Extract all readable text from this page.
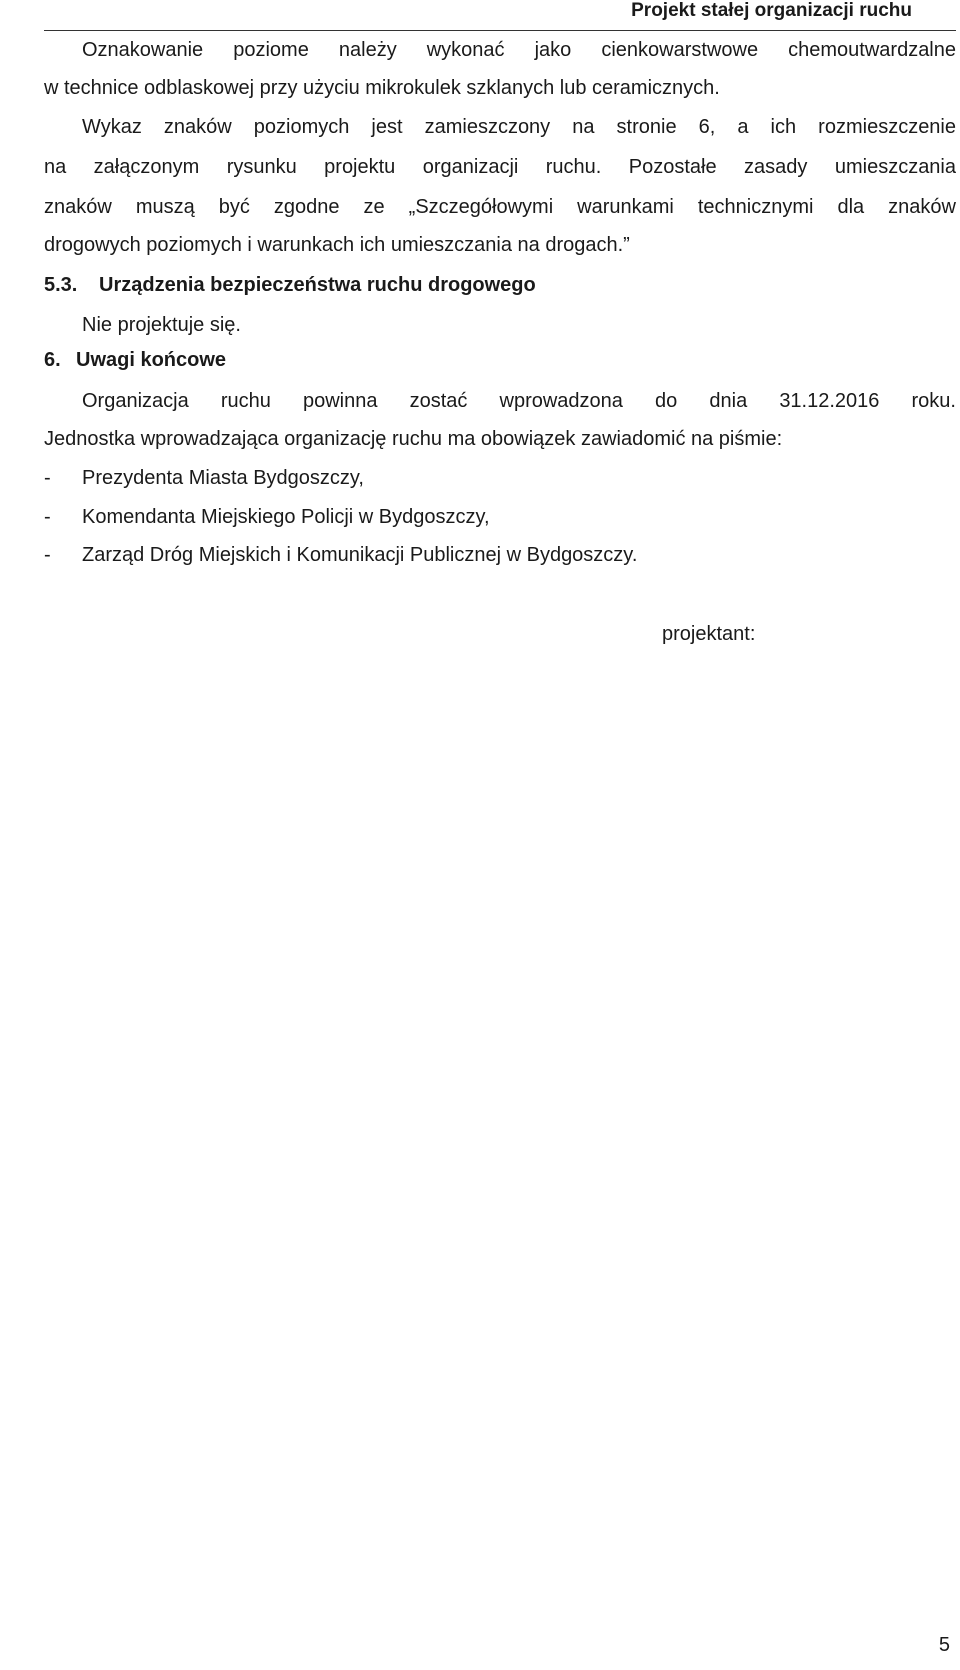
Projekt stałej organizacji ruchu
Oznakowanie poziome należy wykonać jako cienkowarstwowe chemoutwardzalne
w technice odblaskowej przy użyciu mikrokulek szklanych lub ceramicznych.
Wykaz znaków poziomych jest zamieszczony na stronie 6, a ich rozmieszczenie
na załączonym rysunku projektu organizacji ruchu. Pozostałe zasady umieszczania
znaków muszą być zgodne ze „Szczegółowymi warunkami technicznymi dla znaków
drogowych poziomych i warunkach ich umieszczania na drogach.”
5.3. Urządzenia bezpieczeństwa ruchu drogowego
Nie projektuje się.
6. Uwagi końcowe
Organizacja ruchu powinna zostać wprowadzona do dnia 31.12.2016 roku.
Jednostka wprowadzająca organizację ruchu ma obowiązek zawiadomić na piśmie:
- Prezydenta Miasta Bydgoszczy,
- Komendanta Miejskiego Policji w Bydgoszczy,
- Zarząd Dróg Miejskich i Komunikacji Publicznej w Bydgoszczy.
projektant:
5
